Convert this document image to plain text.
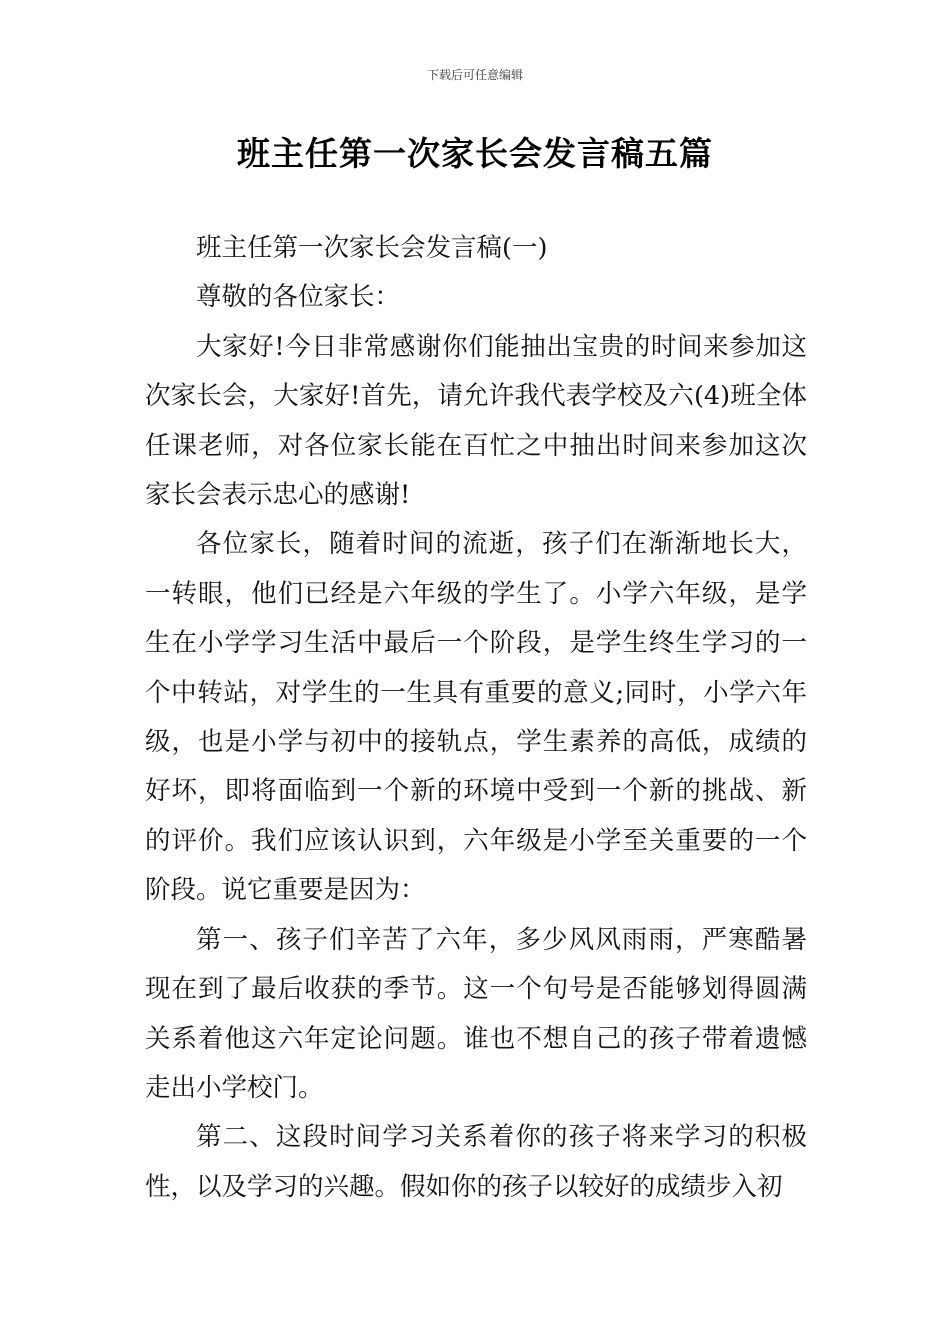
下载后可任意编辑
班主任第一次家长会发言稿五篇

班主任第一次家长会发言稿(一)

尊敬的各位家长：

大家好!今日非常感谢你们能抽出宝贵的时间来参加这次家长会，大家好!首先，请允许我代表学校及六(4)班全体任课老师，对各位家长能在百忙之中抽出时间来参加这次家长会表示忠心的感谢!

各位家长，随着时间的流逝，孩子们在渐渐地长大，一转眼，他们已经是六年级的学生了。小学六年级，是学生在小学学习生活中最后一个阶段，是学生终生学习的一个中转站，对学生的一生具有重要的意义;同时，小学六年级，也是小学与初中的接轨点，学生素养的高低，成绩的好坏，即将面临到一个新的环境中受到一个新的挑战、新的评价。我们应该认识到，六年级是小学至关重要的一个阶段。说它重要是因为：

第一、孩子们辛苦了六年，多少风风雨雨，严寒酷暑现在到了最后收获的季节。这一个句号是否能够划得圆满关系着他这六年定论问题。谁也不想自己的孩子带着遗憾走出小学校门。

第二、这段时间学习关系着你的孩子将来学习的积极性，以及学习的兴趣。假如你的孩子以较好的成绩步入初
